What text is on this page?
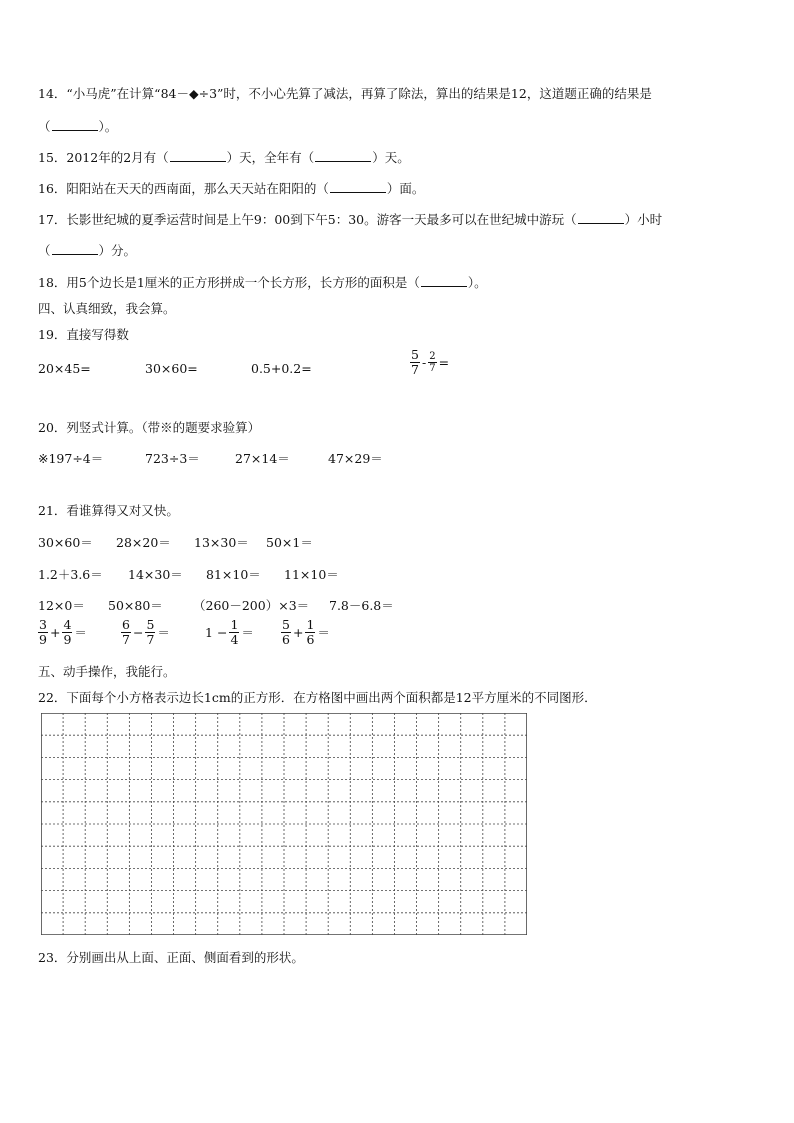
14．“小马虎”在计算“84－◆÷3”时，不小心先算了减法，再算了除法，算出的结果是12，这道题正确的结果是
（	）。
15．2012年的2月有（	）天，全年有（	）天。
16．阳阳站在天天的西南面，那么天天站在阳阳的（	）面。
17．长影世纪城的夏季运营时间是上午9：00到下午5：30。游客一天最多可以在世纪城中游玩（	）小时
（	）分。
18．用5个边长是1厘米的正方形拼成一个长方形，长方形的面积是（	）。
四、认真细致，我会算。
19．直接写得数
20×45=	30×60=	0.5+0.2=	$\frac{5}{7} - \frac{2}{7}$ =
20．列竖式计算。（带※的题要求验算）
※197÷4＝	723÷3＝	27×14＝	47×29＝
21．看谁算得又对又快。
30×60＝ 28×20＝ 13×30＝ 50×1＝
1.2＋3.6＝ 14×30＝ 81×10＝ 11×10＝
12×0＝ 50×80＝ （260－200）×3＝ 7.8－6.8＝
$\frac{3}{9} + \frac{4}{9}$ ＝	$\frac{6}{7} - \frac{5}{7}$ ＝	$1 - \frac{1}{4} = \frac{5}{6} + \frac{1}{6}$ ＝
五、动手操作，我能行。
22．下面每个小方格表示边长1cm的正方形．在方格图中画出两个面积都是12平方厘米的不同图形．
23．分别画出从上面、正面、侧面看到的形状。
